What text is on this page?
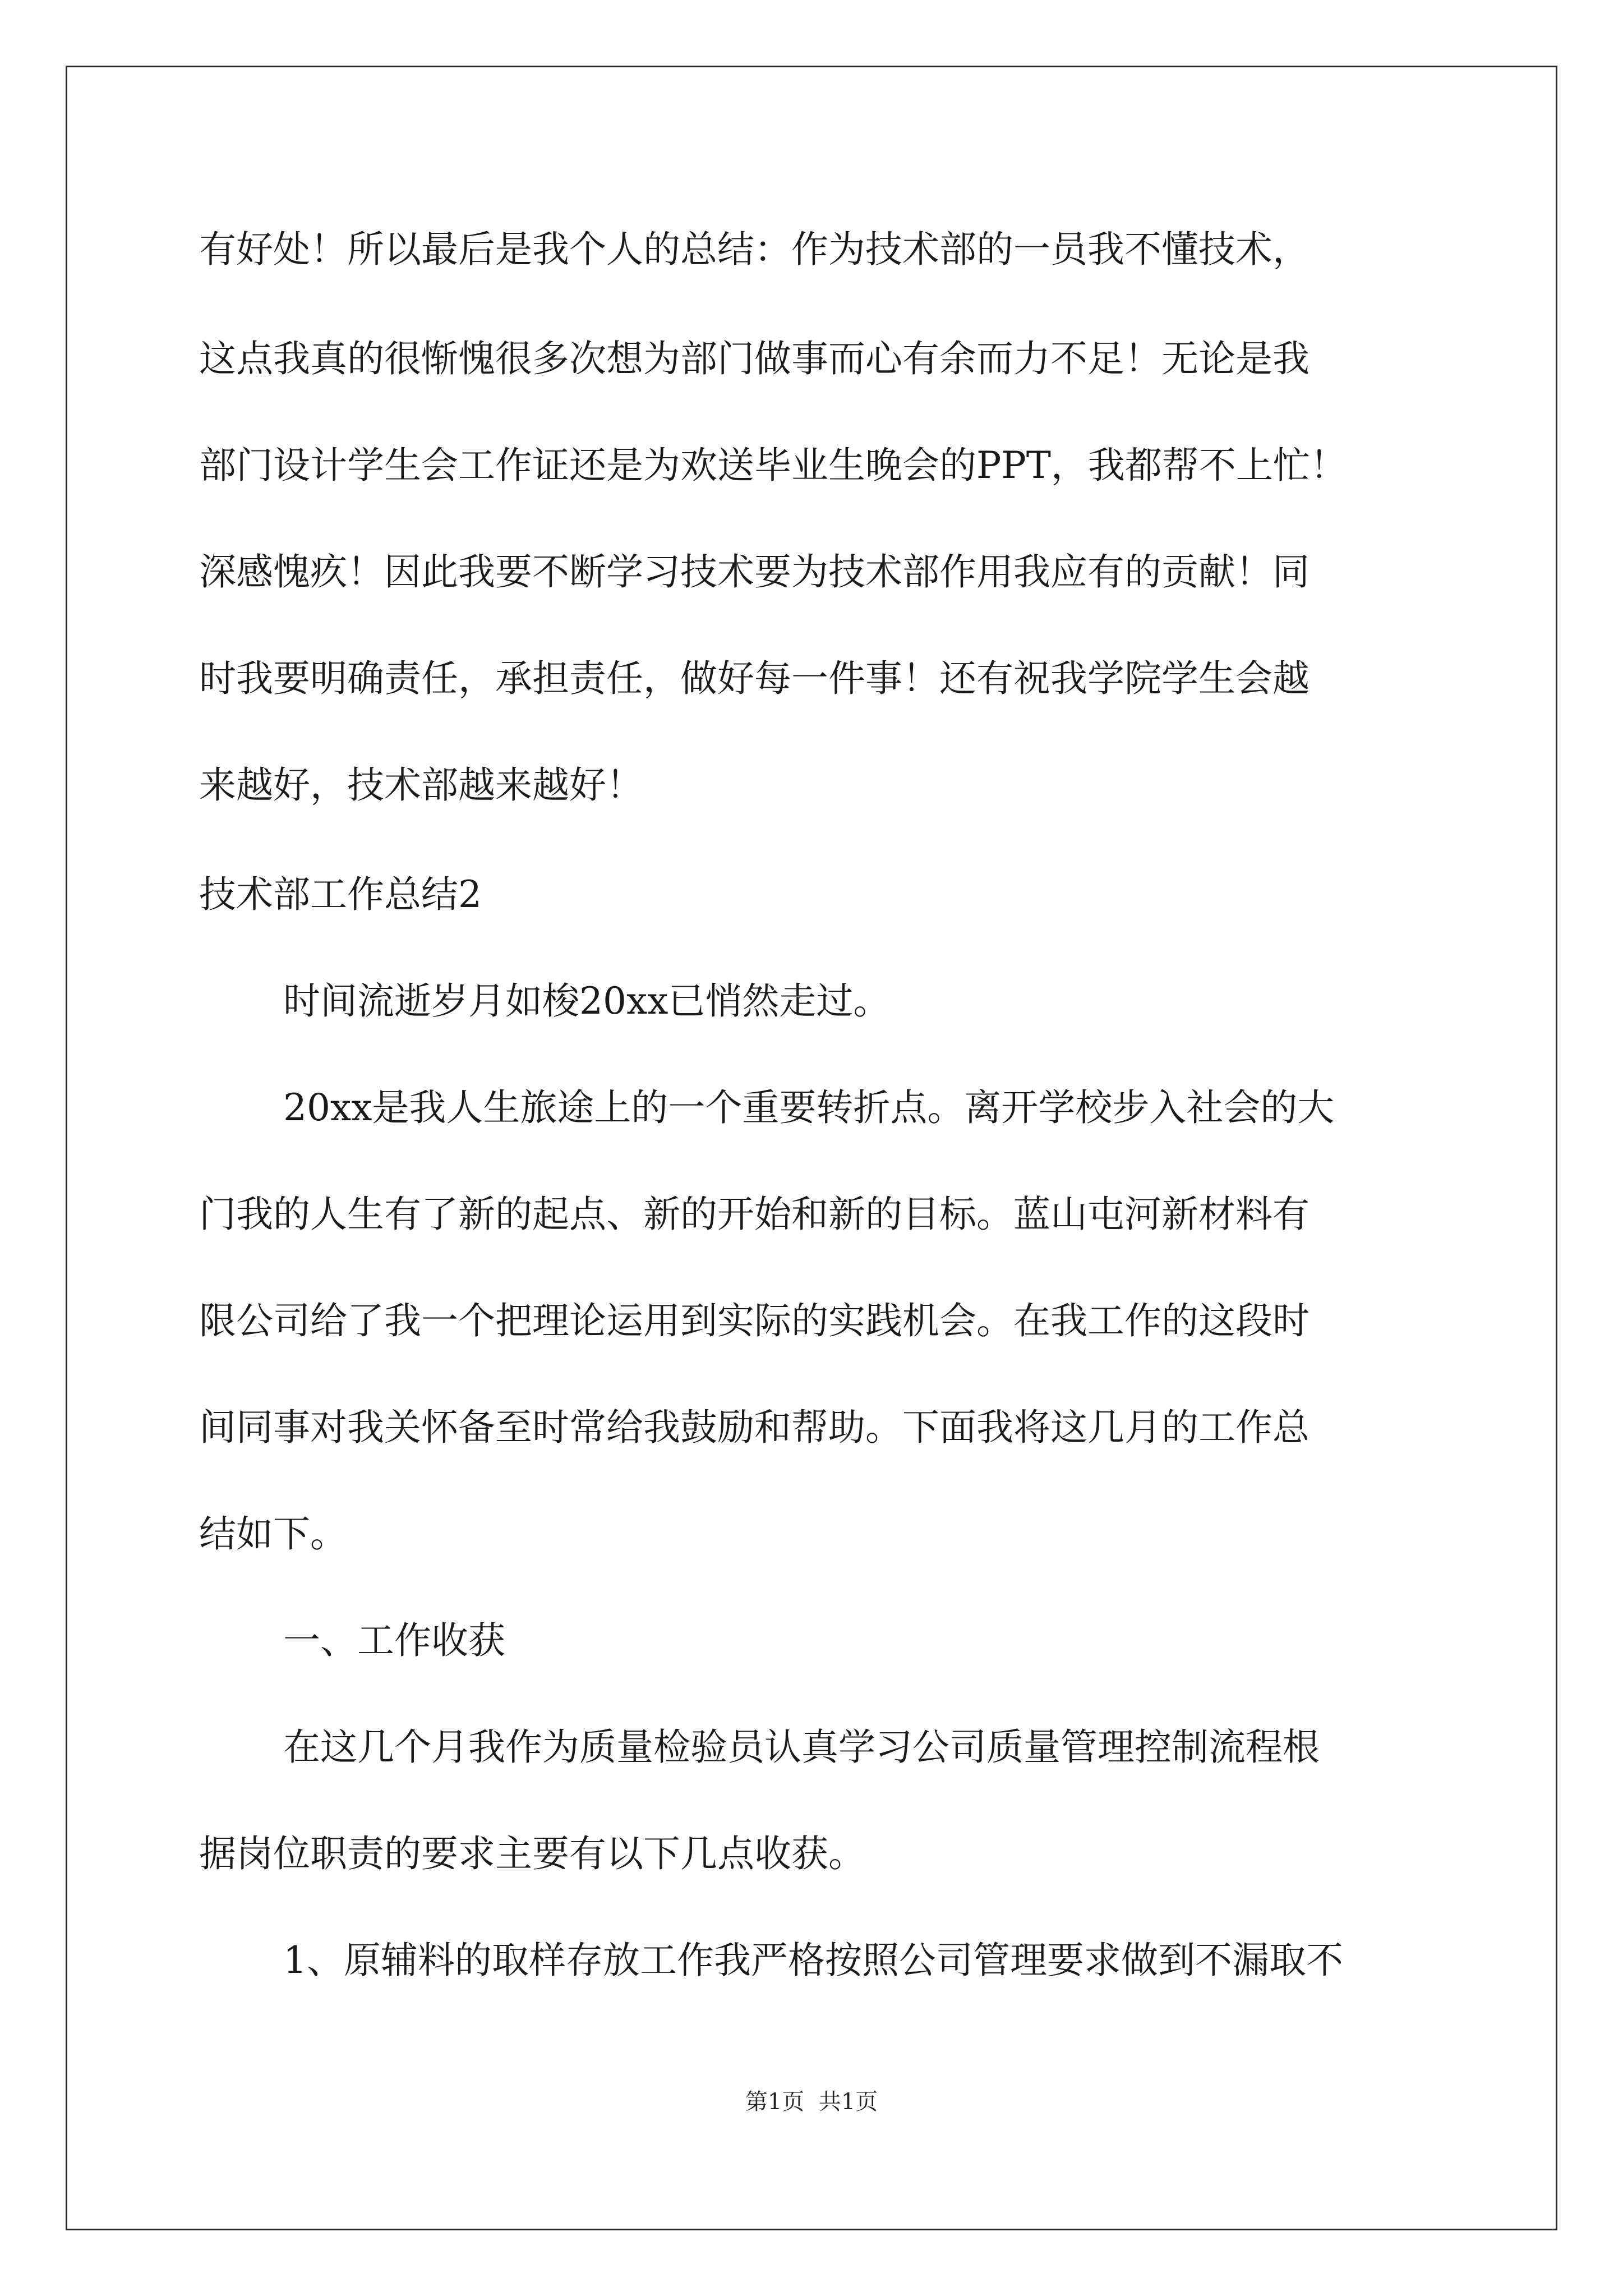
有好处！所以最后是我个人的总结：作为技术部的一员我不懂技术，
这点我真的很惭愧很多次想为部门做事而心有余而力不足！无论是我
部门设计学生会工作证还是为欢送毕业生晚会的PPT，我都帮不上忙！
深感愧疚！因此我要不断学习技术要为技术部作用我应有的贡献！同
时我要明确责任，承担责任，做好每一件事！还有祝我学院学生会越
来越好，技术部越来越好！
技术部工作总结2
时间流逝岁月如梭20xx已悄然走过。
20xx是我人生旅途上的一个重要转折点。离开学校步入社会的大
门我的人生有了新的起点、新的开始和新的目标。蓝山屯河新材料有
限公司给了我一个把理论运用到实际的实践机会。在我工作的这段时
间同事对我关怀备至时常给我鼓励和帮助。下面我将这几月的工作总
结如下。
一、工作收获
在这几个月我作为质量检验员认真学习公司质量管理控制流程根
据岗位职责的要求主要有以下几点收获。
1、原辅料的取样存放工作我严格按照公司管理要求做到不漏取不
第1页  共1页
